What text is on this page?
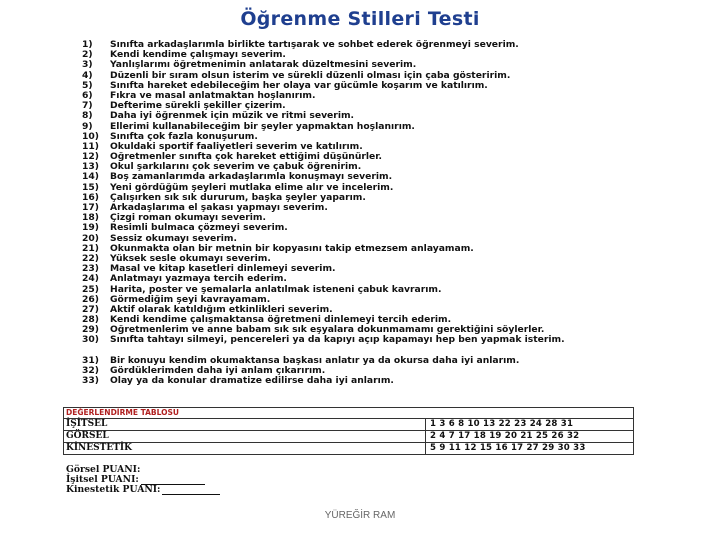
Öğrenme Stilleri Testi
1)	Sınıfta arkadaşlarımla birlikte tartışarak ve sohbet ederek öğrenmeyi severim.
2)	Kendi kendime çalışmayı severim.
3)	Yanlışlarımı öğretmenimin anlatarak düzeltmesini severim.
4)	Düzenli bir sıram olsun isterim ve sürekli düzenli olması için çaba gösteririm.
5)	Sınıfta hareket edebileceğim her olaya var gücümle koşarım ve katılırım.
6)	Fıkra ve masal anlatmaktan hoşlanırım.
7)	Defterime sürekli şekiller çizerim.
8)	Daha iyi öğrenmek için müzik ve ritmi severim.
9)	Ellerimi kullanabileceğim bir şeyler yapmaktan hoşlanırım.
10)	Sınıfta çok fazla konuşurum.
11)	Okuldaki sportif faaliyetleri severim ve katılırım.
12)	Öğretmenler sınıfta çok hareket ettiğimi düşünürler.
13)	Okul şarkılarını çok severim ve çabuk öğrenirim.
14)	Boş zamanlarımda arkadaşlarımla konuşmayı severim.
15)	Yeni gördüğüm şeyleri mutlaka elime alır ve incelerim.
16)	Çalışırken sık sık dururum, başka şeyler yaparım.
17)	Arkadaşlarıma el şakası yapmayı severim.
18)	Çizgi roman okumayı severim.
19)	Resimli bulmaca çözmeyi severim.
20)	Sessiz okumayı severim.
21)	Okunmakta olan bir metnin bir kopyasını takip etmezsem anlayamam.
22)	Yüksek sesle okumayı severim.
23)	Masal ve kitap kasetleri dinlemeyi severim.
24)	Anlatmayı yazmaya tercih ederim.
25)	Harita, poster ve şemalarla anlatılmak isteneni çabuk kavrarım.
26)	Görmediğim şeyi kavrayamam.
27)	Aktif olarak katıldığım etkinlikleri severim.
28)	Kendi kendime çalışmaktansa öğretmeni dinlemeyi tercih ederim.
29)	Öğretmenlerim ve anne babam sık sık eşyalara dokunmamamı gerektiğini söylerler.
30)	Sınıfta tahtayı silmeyi, pencereleri ya da kapıyı açıp kapamayı hep ben yapmak isterim.
31)	Bir konuyu kendim okumaktansa başkası anlatır ya da okursa daha iyi anlarım.
32)	Gördüklerimden daha iyi anlam çıkarırım.
33)	Olay ya da konular dramatize edilirse daha iyi anlarım.
DEĞERLENDİRME TABLOSU
İŞİTSEL	1 3 6 8 10 13 22 23 24 28 31
GÖRSEL	2 4 7 17 18 19 20 21 25 26 32
KİNESTETİK	5 9 11 12 15 16 17 27 29 30 33
Görsel PUANI:
İşitsel PUANI:
Kinestetik PUANI:
YÜREĞİR RAM
